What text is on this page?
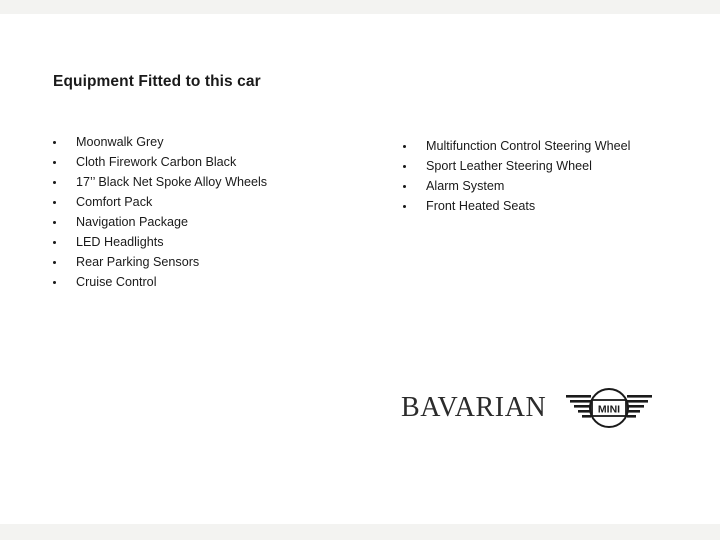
Equipment Fitted to this car
Moonwalk Grey
Cloth Firework Carbon Black
17’’ Black Net Spoke Alloy Wheels
Comfort Pack
Navigation Package
LED Headlights
Rear Parking Sensors
Cruise Control
Multifunction Control Steering Wheel
Sport Leather Steering Wheel
Alarm System
Front Heated Seats
BAVARIAN	MINI
